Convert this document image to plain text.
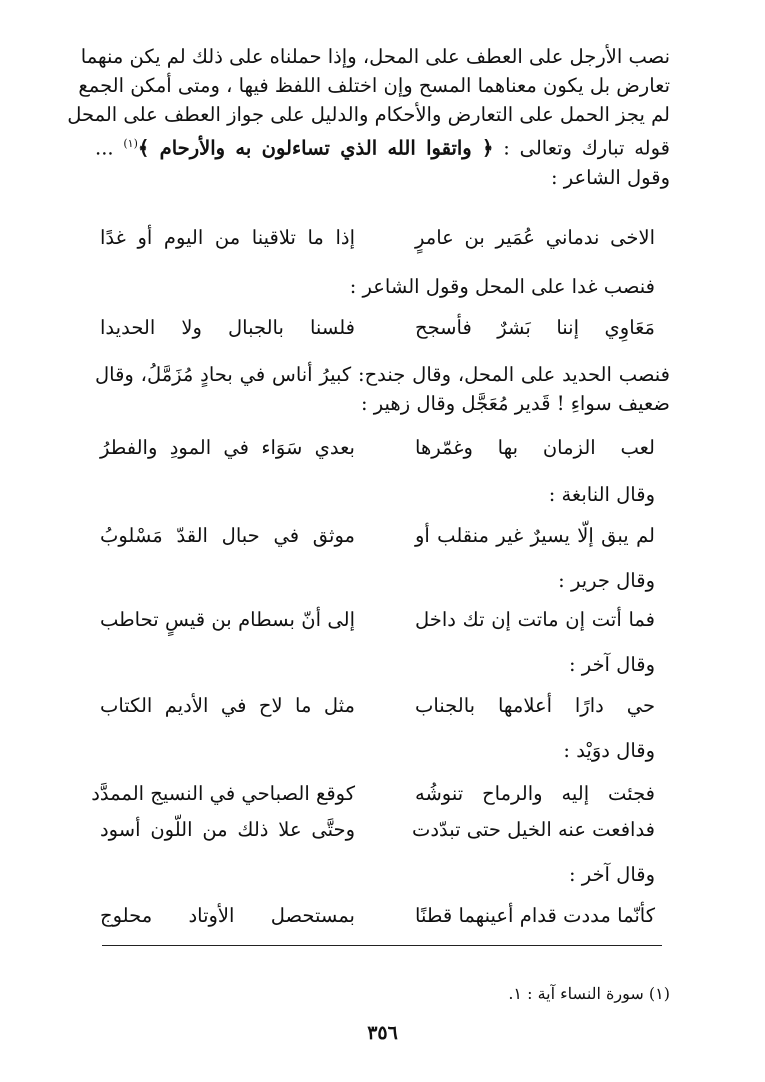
نصب الأرجل على العطف على المحل، وإذا حملناه على ذلك لم يكن منهما
تعارض بل يكون معناهما المسح وإن اختلف اللفظ فيها ، ومتى أمكن الجمع
لم يجز الحمل على التعارض والأحكام والدليل على جواز العطف على المحل
قوله تبارك وتعالى : ﴿ واتقوا الله الذي تساءلون به والأرحام ﴾$^{(١)}$ ...
وقول الشاعر :
الاخى ندماني عُمَير بن عامرٍ
إذا ما تلاقينا من اليوم أو غدًا
فنصب غدا على المحل وقول الشاعر :
مَعَاوِي إننا بَشرٌ فأسجح
فلسنا بالجبال ولا الحديدا
فنصب الحديد على المحل، وقال جندح: كبيرُ أناس في بحادٍ مُزَمَّلُ، وقال
ضعيف سواءِ ! قَدير مُعَجَّل وقال زهير :
لعب الزمان بها وغمّرها
بعدي سَوَاء في المودِ والفطرُ
وقال النابغة :
لم يبق إلّا يسيرٌ غير منقلب أو
موثق في حبال القدّ مَسْلوبُ
وقال جرير :
فما أتت إن ماتت إن تك داخل
إلى أنّ بسطام بن قيسٍ تحاطب
وقال آخر :
حي دارًا أعلامها بالجناب
مثل ما لاح في الأديم الكتاب
وقال دوَيْد :
فجئت إليه والرماح تنوشُه
كوقع الصباحي في النسيج الممدَّد
فدافعت عنه الخيل حتى تبدّدت
وحتَّى علا ذلك من اللّون أسود
وقال آخر :
كأنّما مددت قدام أعينهما قطنًا
بمستحصل الأوتاد محلوج
(١) سورة النساء آية : ١.
٣٥٦
